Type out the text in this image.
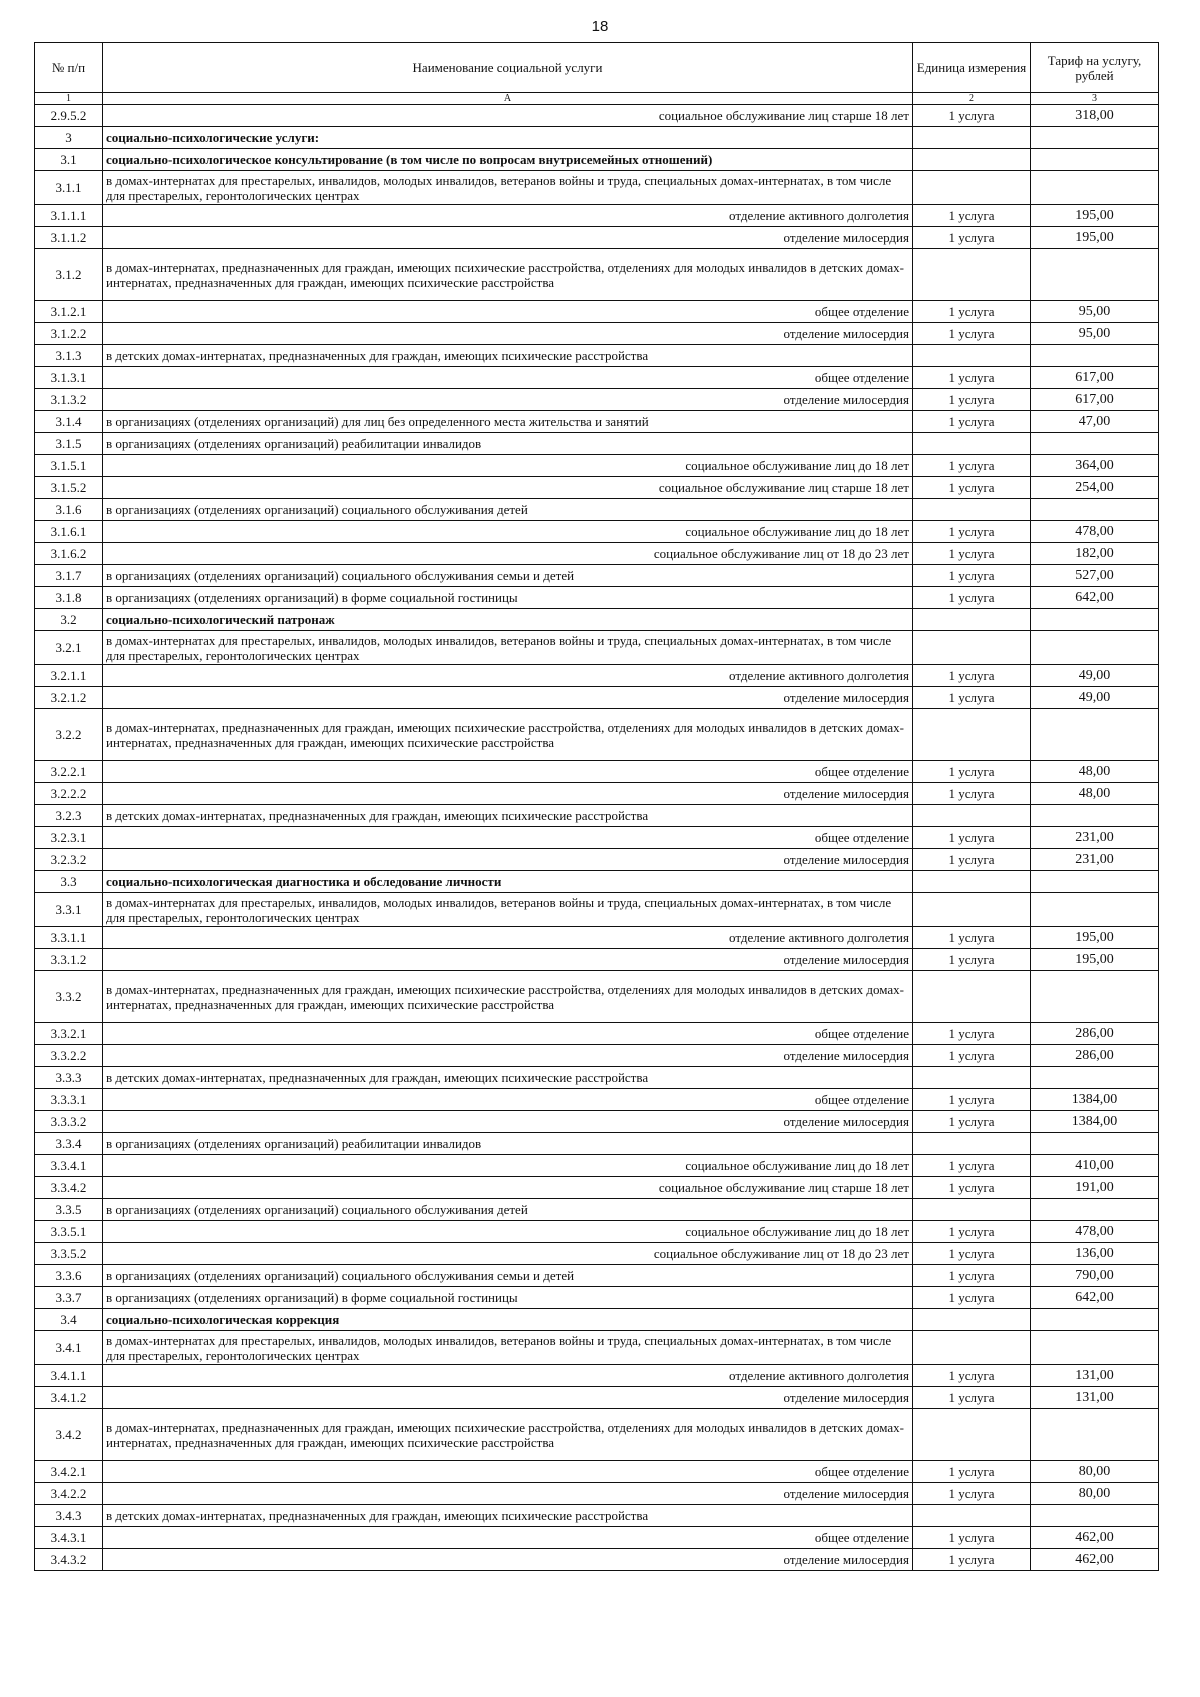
18
№ п/п	Наименование социальной услуги	Единица измерения	Тариф на услугу, рублей
1	А	2	3
2.9.5.2	социальное обслуживание лиц старше 18 лет	1 услуга	318,00
3	социально-психологические услуги:		
3.1	социально-психологическое консультирование (в том числе по вопросам внутрисемейных отношений)		
3.1.1	в домах-интернатах для престарелых, инвалидов, молодых инвалидов, ветеранов войны и труда, специальных домах-интернатах, в том числе для престарелых, геронтологических центрах		
3.1.1.1	отделение активного долголетия	1 услуга	195,00
3.1.1.2	отделение милосердия	1 услуга	195,00
3.1.2	в домах-интернатах, предназначенных для граждан, имеющих психические расстройства, отделениях для молодых инвалидов в детских домах-интернатах, предназначенных для граждан, имеющих психические расстройства		
3.1.2.1	общее отделение	1 услуга	95,00
3.1.2.2	отделение милосердия	1 услуга	95,00
3.1.3	в детских домах-интернатах, предназначенных для граждан, имеющих психические расстройства		
3.1.3.1	общее отделение	1 услуга	617,00
3.1.3.2	отделение милосердия	1 услуга	617,00
3.1.4	в организациях (отделениях организаций) для лиц без определенного места жительства и занятий	1 услуга	47,00
3.1.5	в организациях (отделениях организаций) реабилитации инвалидов		
3.1.5.1	социальное обслуживание лиц до 18 лет	1 услуга	364,00
3.1.5.2	социальное обслуживание лиц старше 18 лет	1 услуга	254,00
3.1.6	в организациях (отделениях организаций) социального обслуживания детей		
3.1.6.1	социальное обслуживание лиц до 18 лет	1 услуга	478,00
3.1.6.2	социальное обслуживание лиц от 18 до 23 лет	1 услуга	182,00
3.1.7	в организациях (отделениях организаций) социального обслуживания семьи и детей	1 услуга	527,00
3.1.8	в организациях (отделениях организаций) в форме социальной гостиницы	1 услуга	642,00
3.2	социально-психологический патронаж		
3.2.1	в домах-интернатах для престарелых, инвалидов, молодых инвалидов, ветеранов войны и труда, специальных домах-интернатах, в том числе для престарелых, геронтологических центрах		
3.2.1.1	отделение активного долголетия	1 услуга	49,00
3.2.1.2	отделение милосердия	1 услуга	49,00
3.2.2	в домах-интернатах, предназначенных для граждан, имеющих психические расстройства, отделениях для молодых инвалидов в детских домах-интернатах, предназначенных для граждан, имеющих психические расстройства		
3.2.2.1	общее отделение	1 услуга	48,00
3.2.2.2	отделение милосердия	1 услуга	48,00
3.2.3	в детских домах-интернатах, предназначенных для граждан, имеющих психические расстройства		
3.2.3.1	общее отделение	1 услуга	231,00
3.2.3.2	отделение милосердия	1 услуга	231,00
3.3	социально-психологическая диагностика и обследование личности		
3.3.1	в домах-интернатах для престарелых, инвалидов, молодых инвалидов, ветеранов войны и труда, специальных домах-интернатах, в том числе для престарелых, геронтологических центрах		
3.3.1.1	отделение активного долголетия	1 услуга	195,00
3.3.1.2	отделение милосердия	1 услуга	195,00
3.3.2	в домах-интернатах, предназначенных для граждан, имеющих психические расстройства, отделениях для молодых инвалидов в детских домах-интернатах, предназначенных для граждан, имеющих психические расстройства		
3.3.2.1	общее отделение	1 услуга	286,00
3.3.2.2	отделение милосердия	1 услуга	286,00
3.3.3	в детских домах-интернатах, предназначенных для граждан, имеющих психические расстройства		
3.3.3.1	общее отделение	1 услуга	1384,00
3.3.3.2	отделение милосердия	1 услуга	1384,00
3.3.4	в организациях (отделениях организаций) реабилитации инвалидов		
3.3.4.1	социальное обслуживание лиц до 18 лет	1 услуга	410,00
3.3.4.2	социальное обслуживание лиц старше 18 лет	1 услуга	191,00
3.3.5	в организациях (отделениях организаций) социального обслуживания детей		
3.3.5.1	социальное обслуживание лиц до 18 лет	1 услуга	478,00
3.3.5.2	социальное обслуживание лиц от 18 до 23 лет	1 услуга	136,00
3.3.6	в организациях (отделениях организаций) социального обслуживания семьи и детей	1 услуга	790,00
3.3.7	в организациях (отделениях организаций) в форме социальной гостиницы	1 услуга	642,00
3.4	социально-психологическая коррекция		
3.4.1	в домах-интернатах для престарелых, инвалидов, молодых инвалидов, ветеранов войны и труда, специальных домах-интернатах, в том числе для престарелых, геронтологических центрах		
3.4.1.1	отделение активного долголетия	1 услуга	131,00
3.4.1.2	отделение милосердия	1 услуга	131,00
3.4.2	в домах-интернатах, предназначенных для граждан, имеющих психические расстройства, отделениях для молодых инвалидов в детских домах-интернатах, предназначенных для граждан, имеющих психические расстройства		
3.4.2.1	общее отделение	1 услуга	80,00
3.4.2.2	отделение милосердия	1 услуга	80,00
3.4.3	в детских домах-интернатах, предназначенных для граждан, имеющих психические расстройства		
3.4.3.1	общее отделение	1 услуга	462,00
3.4.3.2	отделение милосердия	1 услуга	462,00
